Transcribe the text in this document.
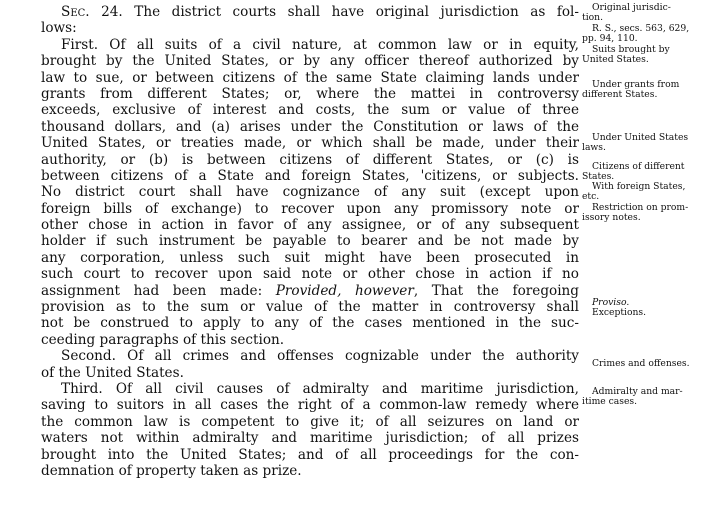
Sec. 24. The district courts shall have original jurisdiction as fol-
lows:
First. Of all suits of a civil nature, at common law or in equity,
brought by the United States, or by any officer thereof authorized by
law to sue, or between citizens of the same State claiming lands under
grants from different States; or, where the mattei in controversy
exceeds, exclusive of interest and costs, the sum or value of three
thousand dollars, and (a) arises under the Constitution or laws of the
United States, or treaties made, or which shall be made, under their
authority, or (b) is between citizens of different States, or (c) is
between citizens of a State and foreign States, 'citizens, or subjects.
No district court shall have cognizance of any suit (except upon
foreign bills of exchange) to recover upon any promissory note or
other chose in action in favor of any assignee, or of any subsequent
holder if such instrument be payable to bearer and be not made by
any corporation, unless such suit might have been prosecuted in
such court to recover upon said note or other chose in action if no
assignment had been made: Provided, however, That the foregoing
provision as to the sum or value of the matter in controversy shall
not be construed to apply to any of the cases mentioned in the suc-
ceeding paragraphs of this section.
Second. Of all crimes and offenses cognizable under the authority
of the United States.
Third. Of all civil causes of admiralty and maritime jurisdiction,
saving to suitors in all cases the right of a common-law remedy where
the common law is competent to give it; of all seizures on land or
waters not within admiralty and maritime jurisdiction; of all prizes
brought into the United States; and of all proceedings for the con-
demnation of property taken as prize.
Original jurisdic-
tion.
R. S., secs. 563, 629,
pp. 94, 110.
Suits brought by
United States.
Under grants from
different States.
Under United States
laws.
Citizens of different
States.
With foreign States,
etc.
Restriction on prom-
issory notes.
Proviso.
Exceptions.
Crimes and offenses.
Admiralty and mar-
itime cases.
